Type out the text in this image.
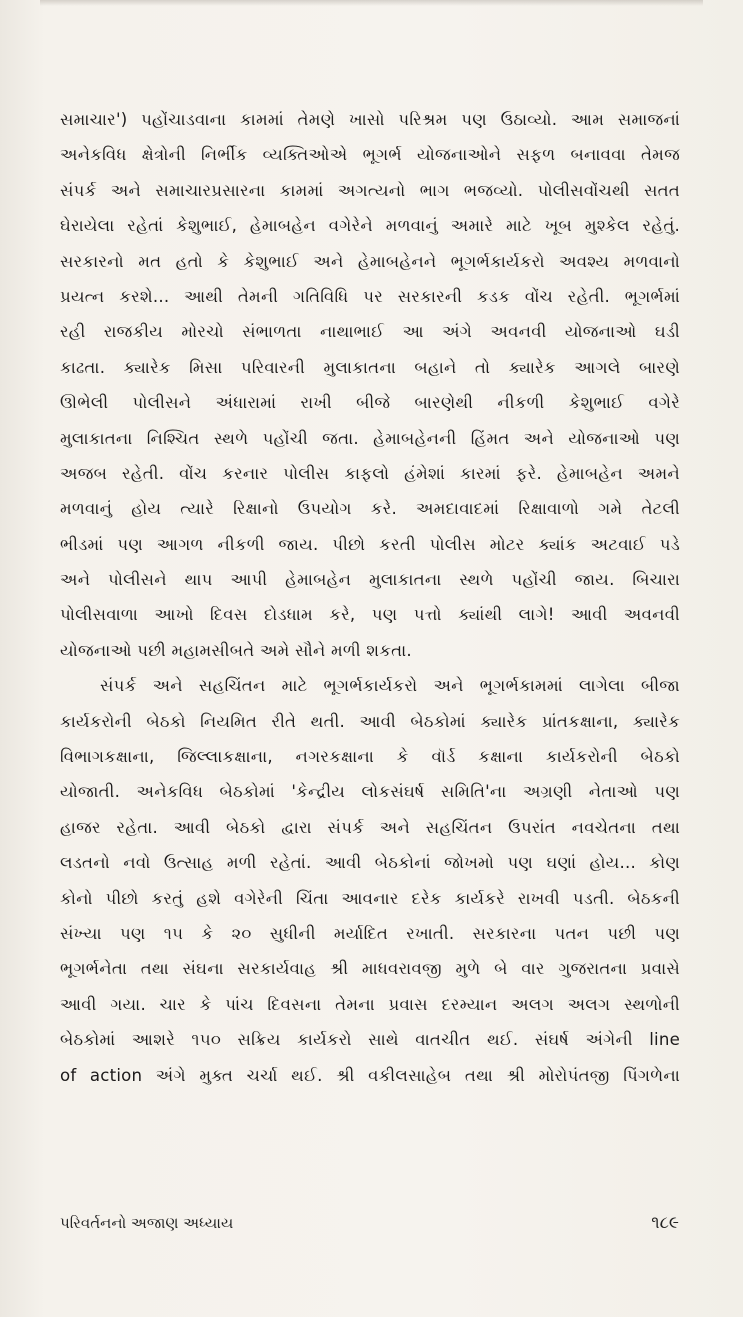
સમાચાર') પહોંચાડવાના કામમાં તેમણે ખાસો પરિશ્રમ પણ ઉઠાવ્યો. આમ સમાજનાં
અનેકવિધ ક્ષેત્રોની નિર્ભીક વ્યક્તિઓએ ભૂગર્ભ યોજનાઓને સફળ બનાવવા તેમજ
સંપર્ક અને સમાચારપ્રસારના કામમાં અગત્યનો ભાગ ભજવ્યો. પોલીસવોંચથી સતત
ઘેરાયેલા રહેતાં કેશુભાઈ, હેમાબહેન વગેરેને મળવાનું અમારે માટે ખૂબ મુશ્કેલ રહેતું.
સરકારનો મત હતો કે કેશુભાઈ અને હેમાબહેનને ભૂગર્ભકાર્યકરો અવશ્ય મળવાનો
પ્રયત્ન કરશે... આથી તેમની ગતિવિધિ પર સરકારની કડક વોંચ રહેતી. ભૂગર્ભમાં
રહી રાજકીય મોરચો સંભાળતા નાથાભાઈ આ અંગે અવનવી યોજનાઓ ઘડી
કાઢતા. ક્યારેક મિસા પરિવારની મુલાકાતના બહાને તો ક્યારેક આગલે બારણે
ઊભેલી પોલીસને અંધારામાં રાખી બીજે બારણેથી નીકળી કેશુભાઈ વગેરે
મુલાકાતના નિશ્ચિત સ્થળે પહોંચી જતા. હેમાબહેનની હિંમત અને યોજનાઓ પણ
અજબ રહેતી. વોંચ કરનાર પોલીસ કાફલો હંમેશાં કારમાં ફરે. હેમાબહેન અમને
મળવાનું હોય ત્યારે રિક્ષાનો ઉપયોગ કરે. અમદાવાદમાં રિક્ષાવાળો ગમે તેટલી
ભીડમાં પણ આગળ નીકળી જાય. પીછો કરતી પોલીસ મોટર ક્યાંક અટવાઈ પડે
અને પોલીસને થાપ આપી હેમાબહેન મુલાકાતના સ્થળે પહોંચી જાય. બિચારા
પોલીસવાળા આખો દિવસ દોડધામ કરે, પણ પત્તો ક્યાંથી લાગે! આવી અવનવી
યોજનાઓ પછી મહામસીબતે અમે સૌને મળી શકતા.
સંપર્ક અને સહચિંતન માટે ભૂગર્ભકાર્યકરો અને ભૂગર્ભકામમાં લાગેલા બીજા
કાર્યકરોની બેઠકો નિયમિત રીતે થતી. આવી બેઠકોમાં ક્યારેક પ્રાંતકક્ષાના, ક્યારેક
વિભાગકક્ષાના, જિલ્લાકક્ષાના, નગરકક્ષાના કે વૉર્ડ કક્ષાના કાર્યકરોની બેઠકો
યોજાતી. અનેકવિધ બેઠકોમાં 'કેન્દ્રીય લોકસંઘર્ષ સમિતિ'ના અગ્રણી નેતાઓ પણ
હાજર રહેતા. આવી બેઠકો દ્વારા સંપર્ક અને સહચિંતન ઉપરાંત નવચેતના તથા
લડતનો નવો ઉત્સાહ મળી રહેતાં. આવી બેઠકોનાં જોખમો પણ ઘણાં હોય... કોણ
કોનો પીછો કરતું હશે વગેરેની ચિંતા આવનાર દરેક કાર્યકરે રાખવી પડતી. બેઠકની
સંખ્યા પણ ૧૫ કે ૨૦ સુધીની મર્યાદિત રખાતી. સરકારના પતન પછી પણ
ભૂગર્ભનેતા તથા સંઘના સરકાર્યવાહ શ્રી માધવરાવજી મુળે બે વાર ગુજરાતના પ્રવાસે
આવી ગયા. ચાર કે પાંચ દિવસના તેમના પ્રવાસ દરમ્યાન અલગ અલગ સ્થળોની
બેઠકોમાં આશરે ૧૫૦ સક્રિય કાર્યકરો સાથે વાતચીત થઈ. સંઘર્ષ અંગેની line
of action અંગે મુક્ત ચર્ચા થઈ. શ્રી વકીલસાહેબ તથા શ્રી મોરોપંતજી પિંગળેના
પરિવર્તનનો અજાણ અધ્યાય	૧૮૯
